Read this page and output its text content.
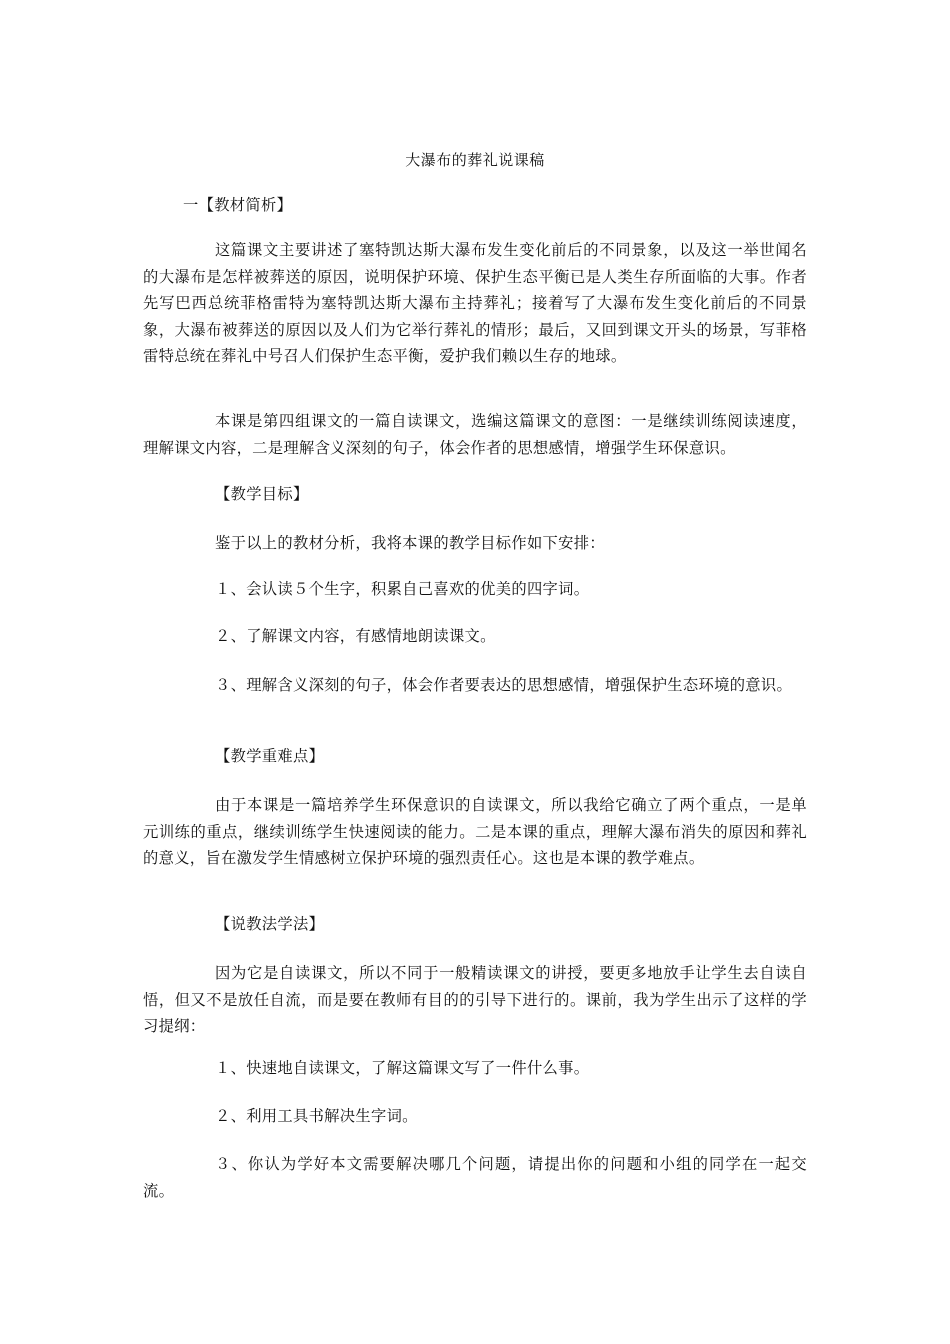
大瀑布的葬礼说课稿
一【教材简析】
这篇课文主要讲述了塞特凯达斯大瀑布发生变化前后的不同景象，以及这一举世闻名的大瀑布是怎样被葬送的原因，说明保护环境、保护生态平衡已是人类生存所面临的大事。作者先写巴西总统菲格雷特为塞特凯达斯大瀑布主持葬礼；接着写了大瀑布发生变化前后的不同景象，大瀑布被葬送的原因以及人们为它举行葬礼的情形；最后，又回到课文开头的场景，写菲格雷特总统在葬礼中号召人们保护生态平衡，爱护我们赖以生存的地球。
本课是第四组课文的一篇自读课文，选编这篇课文的意图：一是继续训练阅读速度，理解课文内容，二是理解含义深刻的句子，体会作者的思想感情，增强学生环保意识。
【教学目标】
鉴于以上的教材分析，我将本课的教学目标作如下安排：
１、会认读５个生字，积累自己喜欢的优美的四字词。
２、了解课文内容，有感情地朗读课文。
３、理解含义深刻的句子，体会作者要表达的思想感情，增强保护生态环境的意识。
【教学重难点】
由于本课是一篇培养学生环保意识的自读课文，所以我给它确立了两个重点，一是单元训练的重点，继续训练学生快速阅读的能力。二是本课的重点，理解大瀑布消失的原因和葬礼的意义，旨在激发学生情感树立保护环境的强烈责任心。这也是本课的教学难点。
【说教法学法】
因为它是自读课文，所以不同于一般精读课文的讲授，要更多地放手让学生去自读自悟，但又不是放任自流，而是要在教师有目的的引导下进行的。课前，我为学生出示了这样的学习提纲：
１、快速地自读课文，了解这篇课文写了一件什么事。
２、利用工具书解决生字词。
３、你认为学好本文需要解决哪几个问题，请提出你的问题和小组的同学在一起交流。
